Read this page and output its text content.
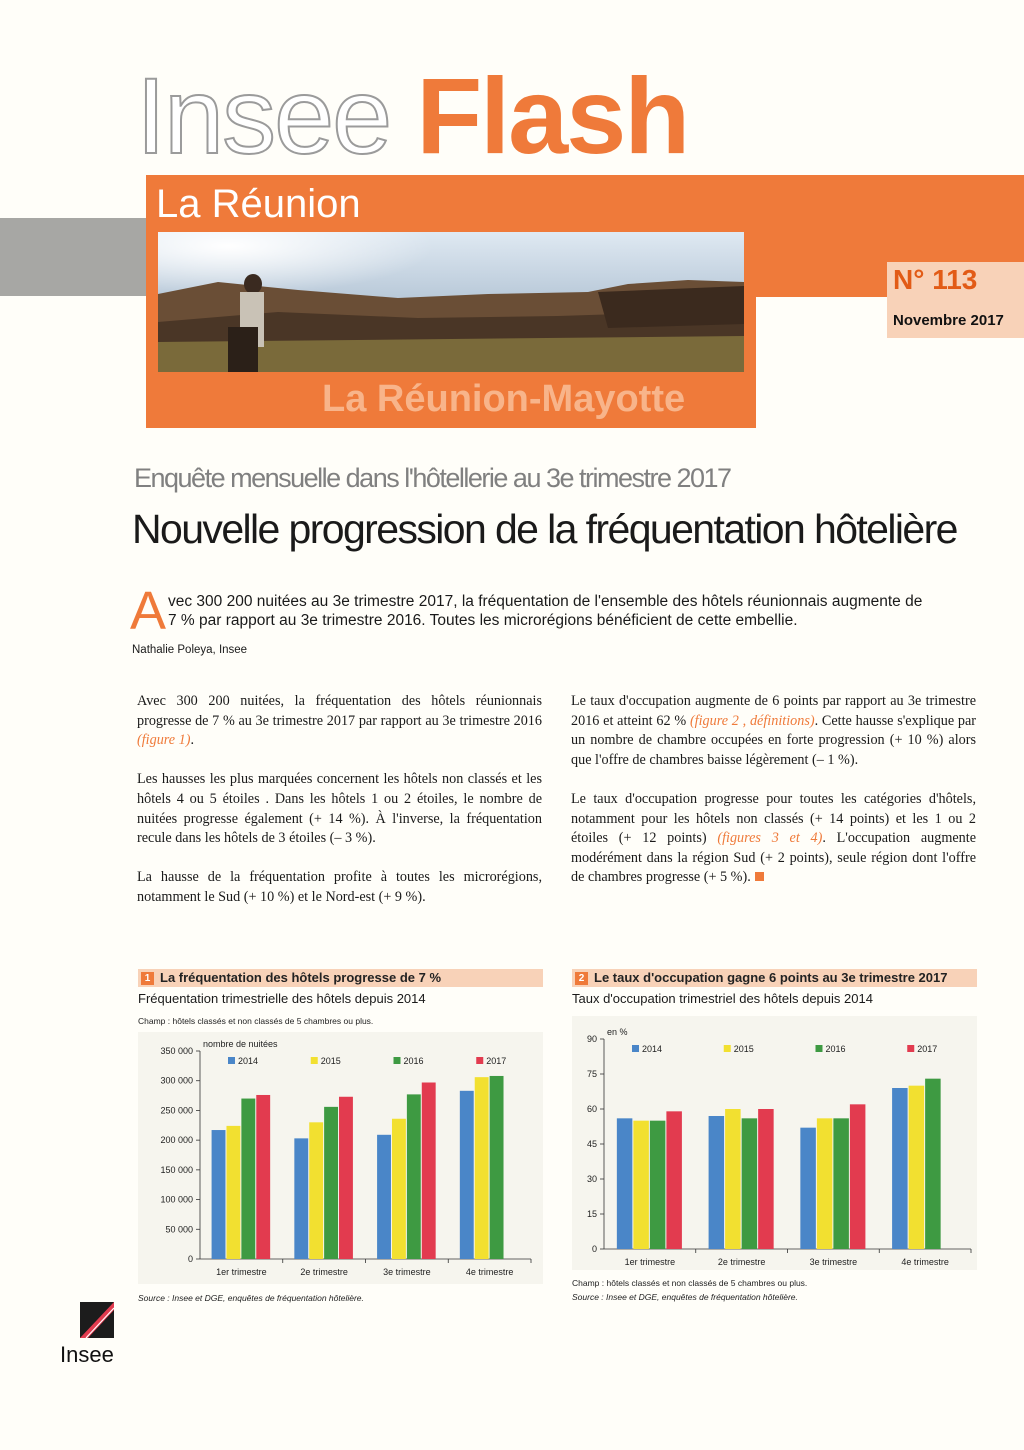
Insee Flash
La Réunion
La Réunion-Mayotte
N° 113
Novembre 2017
Enquête mensuelle dans l'hôtellerie au 3e trimestre 2017
Nouvelle progression de la fréquentation hôtelière
A vec 300 200 nuitées au 3e trimestre 2017, la fréquentation de l'ensemble des hôtels réunionnais augmente de
7 % par rapport au 3e trimestre 2016. Toutes les microrégions bénéficient de cette embellie.
Nathalie Poleya, Insee

Avec 300 200 nuitées, la fréquentation des hôtels réunionnais progresse de 7 % au 3e trimestre 2017 par rapport au 3e trimestre 2016 (figure 1).

Les hausses les plus marquées concernent les hôtels non classés et les hôtels 4 ou 5 étoiles . Dans les hôtels 1 ou 2 étoiles, le nombre de nuitées progresse également (+ 14 %). À l'inverse, la fréquentation recule dans les hôtels de 3 étoiles (– 3 %).

La hausse de la fréquentation profite à toutes les microrégions, notamment le Sud (+ 10 %) et le Nord-est (+ 9 %).

Le taux d'occupation augmente de 6 points par rapport au 3e trimestre 2016 et atteint 62 % (figure 2 , définitions). Cette hausse s'explique par un nombre de chambre occupées en forte progression (+ 10 %) alors que l'offre de chambres baisse légèrement (– 1 %).

Le taux d'occupation progresse pour toutes les catégories d'hôtels, notamment pour les hôtels non classés (+ 14 points) et les 1 ou 2 étoiles (+ 12 points) (figures 3 et 4). L'occupation augmente modérément dans la région Sud (+ 2 points), seule région dont l'offre de chambres progresse (+ 5 %).

1 La fréquentation des hôtels progresse de 7 %
Fréquentation trimestrielle des hôtels depuis 2014
Champ : hôtels classés et non classés de 5 chambres ou plus.
0
50 000
100 000
150 000
200 000
250 000
300 000
350 000
nombre de nuitées
1er trimestre	2e trimestre	3e trimestre	4e trimestre
2014	2015	2016	2017
Source : Insee et DGE, enquêtes de fréquentation hôtelière.
2 Le taux d'occupation gagne 6 points au 3e trimestre 2017
Taux d'occupation trimestriel des hôtels depuis 2014
0
15
30
45
60
75
90
en %
1er trimestre	2e trimestre	3e trimestre	4e trimestre
2014	2015	2016	2017
Champ : hôtels classés et non classés de 5 chambres ou plus.
Source : Insee et DGE, enquêtes de fréquentation hôtelière.
Insee
